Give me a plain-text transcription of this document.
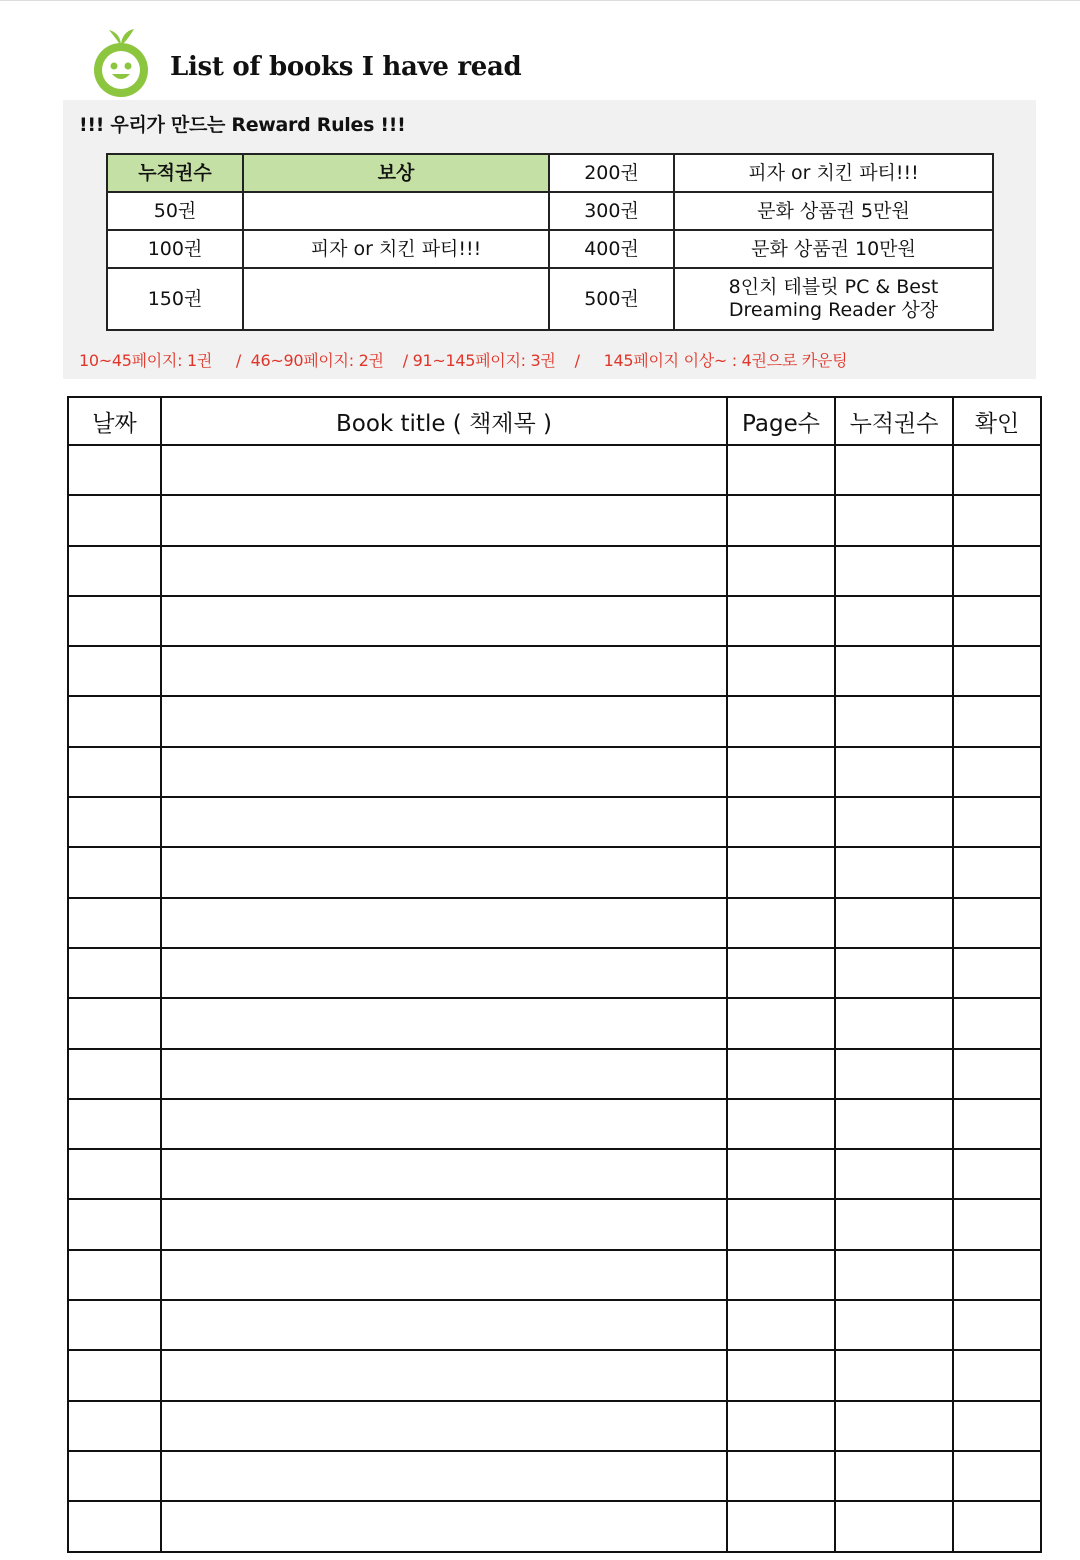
List of books I have read
!!! 우리가 만드는 Reward Rules !!!
누적권수	보상	200권	피자 or 치킨 파티!!!
50권		300권	문화 상품권 5만원
100권	피자 or 치킨 파티!!!	400권	문화 상품권 10만원
150권		500권	8인치 테블릿 PC & Best
Dreaming Reader 상장
10~45페이지: 1권     /  46~90페이지: 2권    / 91~145페이지: 3권    /     145페이지 이상~ : 4권으로 카운팅
날짜	Book title ( 책제목 )	Page수	누적권수	확인
